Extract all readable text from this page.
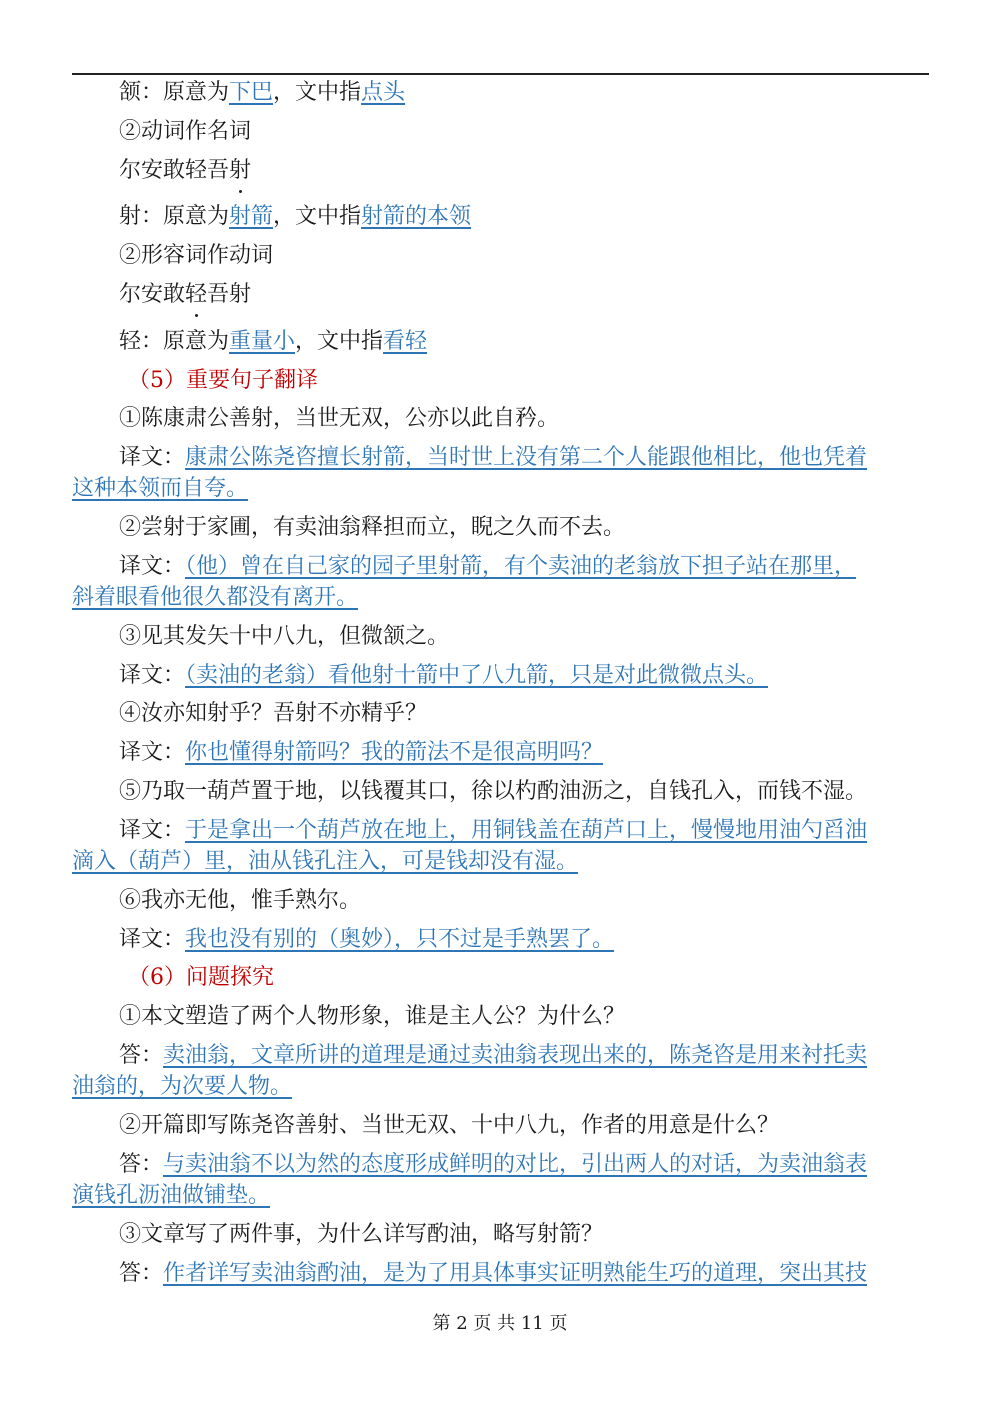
颔：原意为下巴，文中指点头
②动词作名词
尔安敢轻吾射
射：原意为射箭，文中指射箭的本领
②形容词作动词
尔安敢轻吾射
轻：原意为重量小，文中指看轻
（5）重要句子翻译
①陈康肃公善射，当世无双，公亦以此自矜。
译文：康肃公陈尧咨擅长射箭，当时世上没有第二个人能跟他相比，他也凭着
这种本领而自夸。
②尝射于家圃，有卖油翁释担而立，睨之久而不去。
译文：（他）曾在自己家的园子里射箭，有个卖油的老翁放下担子站在那里，
斜着眼看他很久都没有离开。
③见其发矢十中八九，但微颔之。
译文：（卖油的老翁）看他射十箭中了八九箭，只是对此微微点头。
④汝亦知射乎？吾射不亦精乎？
译文：你也懂得射箭吗？我的箭法不是很高明吗？
⑤乃取一葫芦置于地，以钱覆其口，徐以杓酌油沥之，自钱孔入，而钱不湿。
译文：于是拿出一个葫芦放在地上，用铜钱盖在葫芦口上，慢慢地用油勺舀油
滴入（葫芦）里，油从钱孔注入，可是钱却没有湿。
⑥我亦无他，惟手熟尔。
译文：我也没有别的（奥妙），只不过是手熟罢了。
（6）问题探究
①本文塑造了两个人物形象，谁是主人公？为什么？
答：卖油翁，文章所讲的道理是通过卖油翁表现出来的，陈尧咨是用来衬托卖
油翁的，为次要人物。
②开篇即写陈尧咨善射、当世无双、十中八九，作者的用意是什么？
答：与卖油翁不以为然的态度形成鲜明的对比，引出两人的对话，为卖油翁表
演钱孔沥油做铺垫。
③文章写了两件事，为什么详写酌油，略写射箭？
答：作者详写卖油翁酌油，是为了用具体事实证明熟能生巧的道理，突出其技
第 2 页 共 11 页
